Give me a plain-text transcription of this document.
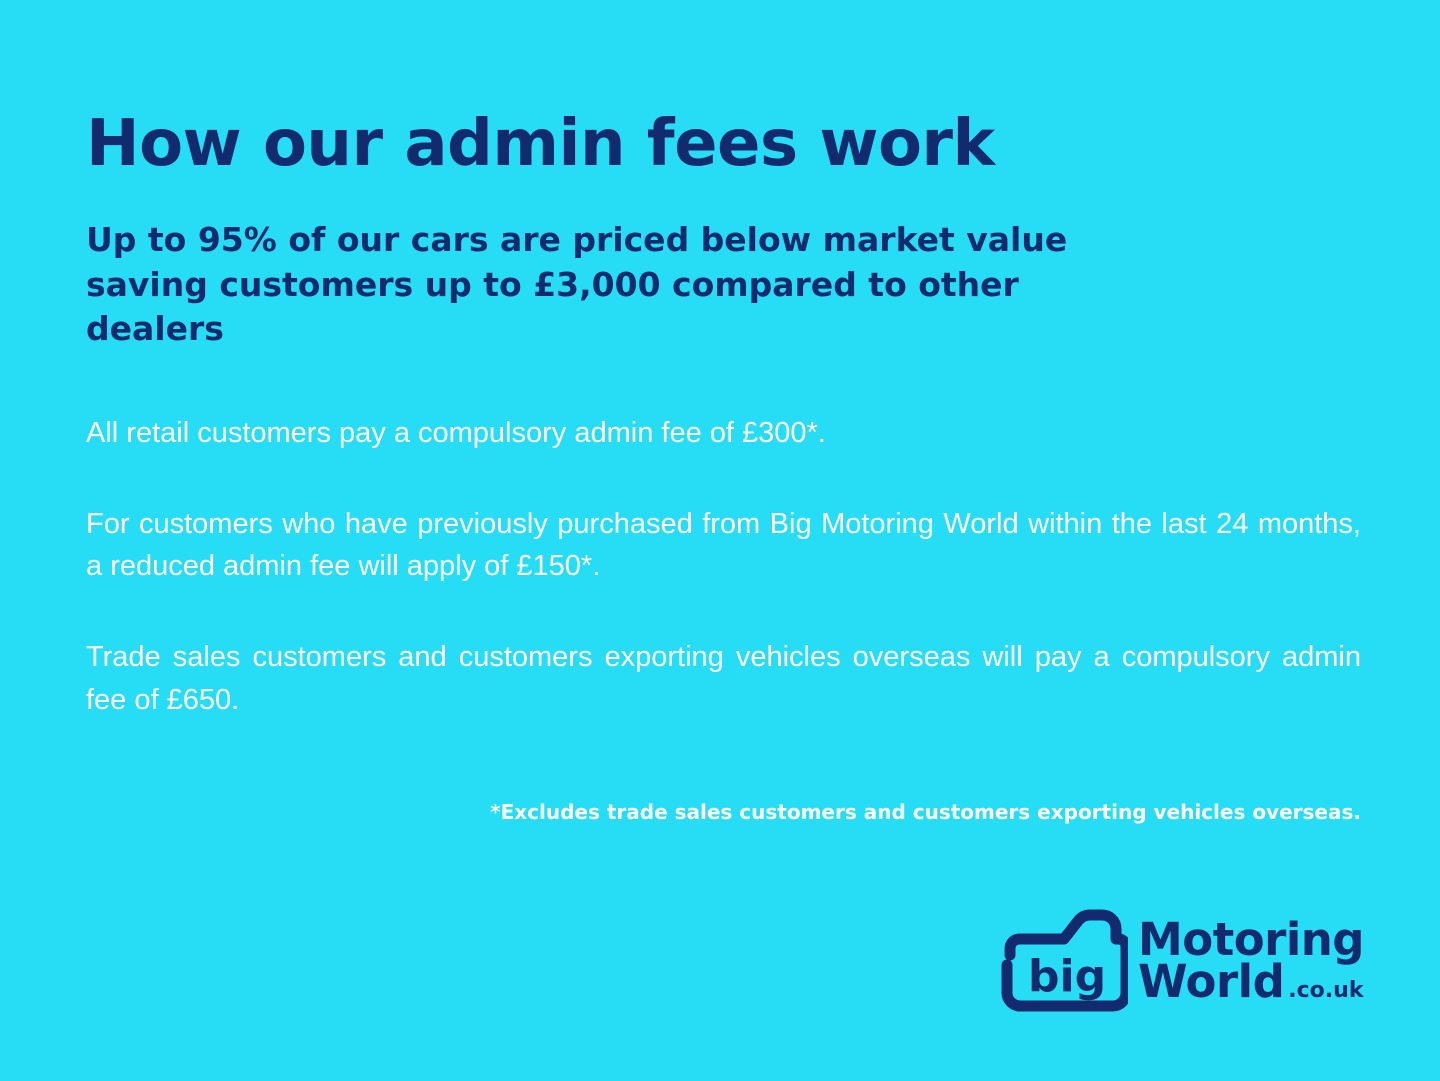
How our admin fees work
Up to 95% of our cars are priced below market value
saving customers up to £3,000 compared to other
dealers

All retail customers pay a compulsory admin fee of £300*.

For customers who have previously purchased from Big Motoring World within the last 24 months, a reduced admin fee will apply of £150*.

Trade sales customers and customers exporting vehicles overseas will pay a compulsory admin fee of £650.

*Excludes trade sales customers and customers exporting vehicles overseas.

big
Motoring
World .co.uk
